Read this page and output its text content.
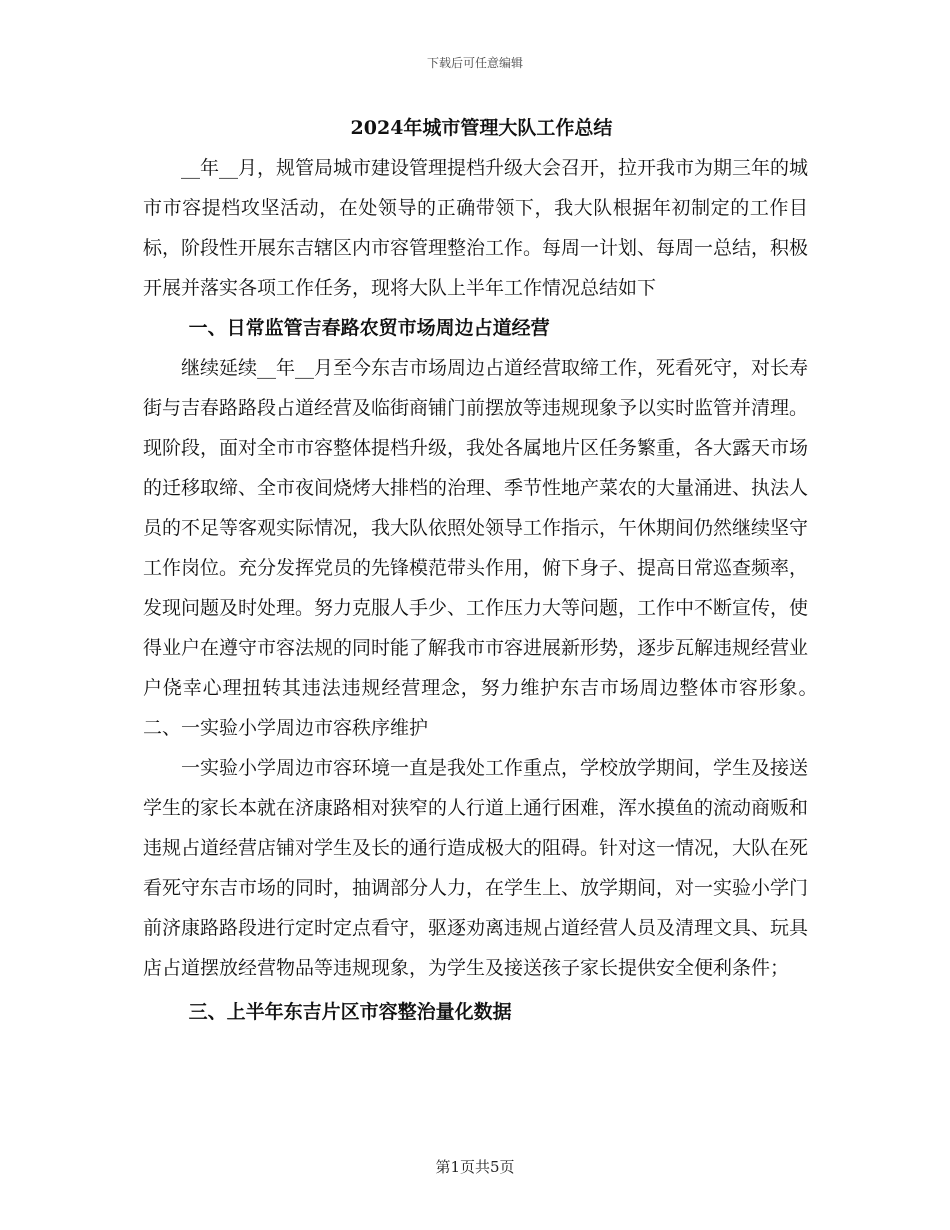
下载后可任意编辑
2024年城市管理大队工作总结

__年__月，规管局城市建设管理提档升级大会召开，拉开我市为期三年的城市市容提档攻坚活动，在处领导的正确带领下，我大队根据年初制定的工作目标，阶段性开展东吉辖区内市容管理整治工作。每周一计划、每周一总结，积极开展并落实各项工作任务，现将大队上半年工作情况总结如下

一、日常监管吉春路农贸市场周边占道经营

继续延续__年__月至今东吉市场周边占道经营取缔工作，死看死守，对长寿街与吉春路路段占道经营及临街商铺门前摆放等违规现象予以实时监管并清理。现阶段，面对全市市容整体提档升级，我处各属地片区任务繁重，各大露天市场的迁移取缔、全市夜间烧烤大排档的治理、季节性地产菜农的大量涌进、执法人员的不足等客观实际情况，我大队依照处领导工作指示，午休期间仍然继续坚守工作岗位。充分发挥党员的先锋模范带头作用，俯下身子、提高日常巡查频率，发现问题及时处理。努力克服人手少、工作压力大等问题，工作中不断宣传，使得业户在遵守市容法规的同时能了解我市市容进展新形势，逐步瓦解违规经营业户侥幸心理扭转其违法违规经营理念，努力维护东吉市场周边整体市容形象。　　二、一实验小学周边市容秩序维护

一实验小学周边市容环境一直是我处工作重点，学校放学期间，学生及接送学生的家长本就在济康路相对狭窄的人行道上通行困难，浑水摸鱼的流动商贩和违规占道经营店铺对学生及长的通行造成极大的阻碍。针对这一情况，大队在死看死守东吉市场的同时，抽调部分人力，在学生上、放学期间，对一实验小学门前济康路路段进行定时定点看守，驱逐劝离违规占道经营人员及清理文具、玩具店占道摆放经营物品等违规现象，为学生及接送孩子家长提供安全便利条件；

三、上半年东吉片区市容整治量化数据

第1页共5页
